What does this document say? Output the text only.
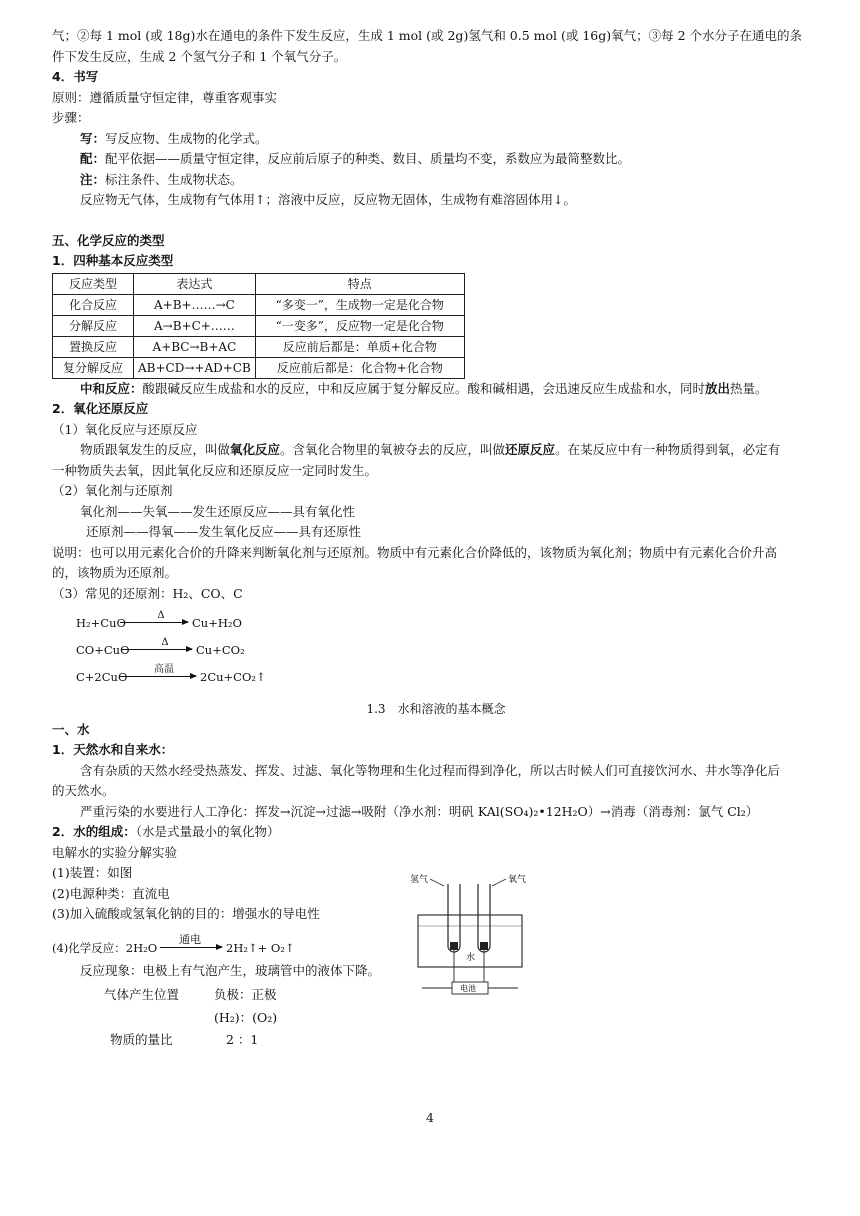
气；②每 1 mol (或 18g)水在通电的条件下发生反应，生成 1 mol (或 2g)氢气和 0.5 mol (或 16g)氧气；③每 2 个水分子在通电的条

件下发生反应，生成 2 个氢气分子和 1 个氧气分子。

4．书写

原则：遵循质量守恒定律，尊重客观事实

步骤：

写：写反应物、生成物的化学式。

配：配平依据——质量守恒定律，反应前后原子的种类、数目、质量均不变，系数应为最简整数比。

注：标注条件、生成物状态。

反应物无气体，生成物有气体用↑；溶液中反应，反应物无固体，生成物有难溶固体用↓。

五、化学反应的类型

1．四种基本反应类型

反应类型	表达式	特点
化合反应	A+B+……→C	“多变一”，生成物一定是化合物
分解反应	A→B+C+……	“一变多”，反应物一定是化合物
置换反应	A+BC→B+AC	反应前后都是：单质+化合物
复分解反应	AB+CD→+AD+CB	反应前后都是：化合物+化合物

中和反应：酸跟碱反应生成盐和水的反应，中和反应属于复分解反应。酸和碱相遇，会迅速反应生成盐和水，同时放出热量。

2．氧化还原反应

（1）氧化反应与还原反应

物质跟氧发生的反应，叫做氧化反应。含氧化合物里的氧被夺去的反应，叫做还原反应。在某反应中有一种物质得到氧，必定有

一种物质失去氧，因此氧化反应和还原反应一定同时发生。

（2）氧化剂与还原剂

氧化剂——失氧——发生还原反应——具有氧化性

还原剂——得氧——发生氧化反应——具有还原性

说明：也可以用元素化合价的升降来判断氧化剂与还原剂。物质中有元素化合价降低的，该物质为氧化剂；物质中有元素化合价升高

的，该物质为还原剂。

（3）常见的还原剂：H₂、CO、C

H₂+CuO
Δ
Cu+H₂O
CO+CuO
Δ
Cu+CO₂
C+2CuO
高温
2Cu+CO₂↑

1.3　水和溶液的基本概念

一、水

1．天然水和自来水：

含有杂质的天然水经受热蒸发、挥发、过滤、氧化等物理和生化过程而得到净化，所以古时候人们可直接饮河水、井水等净化后

的天然水。

严重污染的水要进行人工净化：挥发→沉淀→过滤→吸附（净水剂：明矾 KAl(SO₄)₂•12H₂O）→消毒（消毒剂：氯气 Cl₂）

2．水的组成：（水是式量最小的氧化物）

电解水的实验分解实验

(1)装置：如图

(2)电源种类：直流电

(3)加入硫酸或氢氧化钠的目的：增强水的导电性

(4)化学反应：2H₂O
通电
2H₂↑+ O₂↑

反应现象：电极上有气泡产生，玻璃管中的液体下降。

气体产生位置	负极：正极

(H₂)：(O₂)

物质的量比	2 ：1

氢气	氧气
水
电池
4
